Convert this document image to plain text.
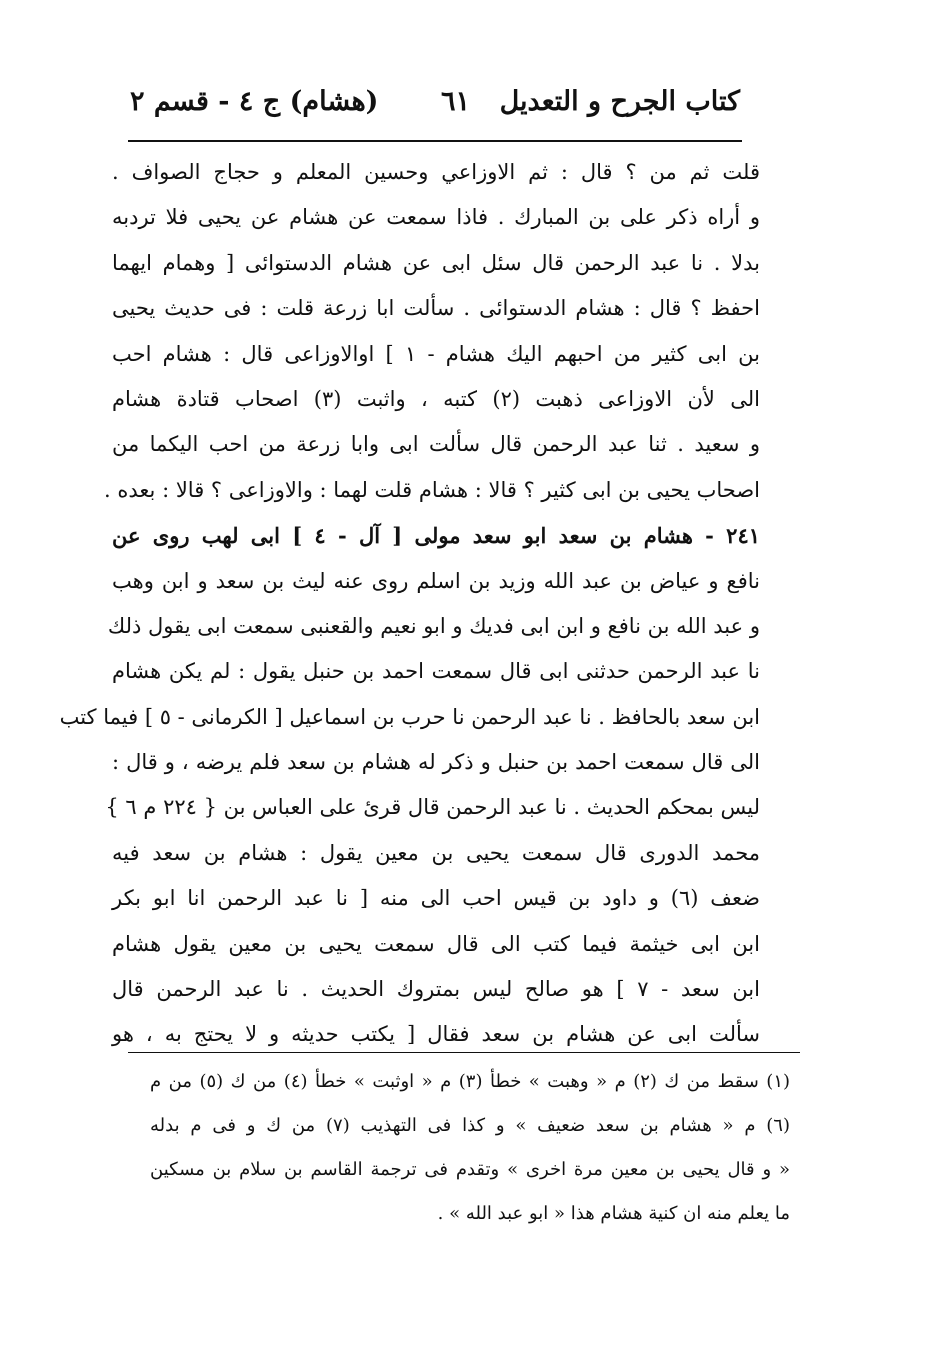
كتاب الجرح و التعديل
٦١
(هشام) ج ٤ - قسم ٢
قلت ثم من ؟ قال : ثم الاوزاعي وحسين المعلم و حجاج الصواف .
و أراه ذكر على بن المبارك . فاذا سمعت عن هشام عن يحيى فلا تردبه
بدلا . نا عبد الرحمن قال سئل ابى عن هشام الدستوائى [ وهمام ايهما
احفظ ؟ قال : هشام الدستوائى . سألت ابا زرعة قلت : فى حديث يحيى
بن ابى كثير من احبهم اليك هشام - ١ ] اوالاوزاعى قال : هشام احب
الى لأن الاوزاعى ذهبت (٢) كتبه ، واثبت (٣) اصحاب قتادة هشام
و سعيد . ثنا عبد الرحمن قال سألت ابى وابا زرعة من احب اليكما من
اصحاب يحيى بن ابى كثير ؟ قالا : هشام قلت لهما : والاوزاعى ؟ قالا : بعده .
٢٤١ - هشام بن سعد ابو سعد مولى [ آل - ٤ ] ابى لهب روى عن
نافع و عياض بن عبد الله وزيد بن اسلم روى عنه ليث بن سعد و ابن وهب
و عبد الله بن نافع و ابن ابى فديك و ابو نعيم والقعنبى سمعت ابى يقول ذلك
نا عبد الرحمن حدثنى ابى قال سمعت احمد بن حنبل يقول : لم يكن هشام
ابن سعد بالحافظ . نا عبد الرحمن نا حرب بن اسماعيل [ الكرمانى - ٥ ] فيما كتب
الى قال سمعت احمد بن حنبل و ذكر له هشام بن سعد فلم يرضه ، و قال :
ليس بمحكم الحديث . نا عبد الرحمن قال قرئ على العباس بن { ٢٢٤ م ٦ }
محمد الدورى قال سمعت يحيى بن معين يقول : هشام بن سعد فيه
ضعف (٦) و داود بن قيس احب الى منه [ نا عبد الرحمن انا ابو بكر
ابن ابى خيثمة فيما كتب الى قال سمعت يحيى بن معين يقول هشام
ابن سعد - ٧ ] هو صالح ليس بمتروك الحديث . نا عبد الرحمن قال
سألت ابى عن هشام بن سعد فقال [ يكتب حديثه و لا يحتج به ، هو
(١) سقط من ك (٢) م « وهبت » خطأ (٣) م « اوثبت » خطأ (٤) من ك (٥) من م
(٦) م « هشام بن سعد ضعيف » و كذا فى التهذيب (٧) من ك و فى م بدله
« و قال يحيى بن معين مرة اخرى » وتقدم فى ترجمة القاسم بن سلام بن مسكين
ما يعلم منه ان كنية هشام هذا « ابو عبد الله » .
